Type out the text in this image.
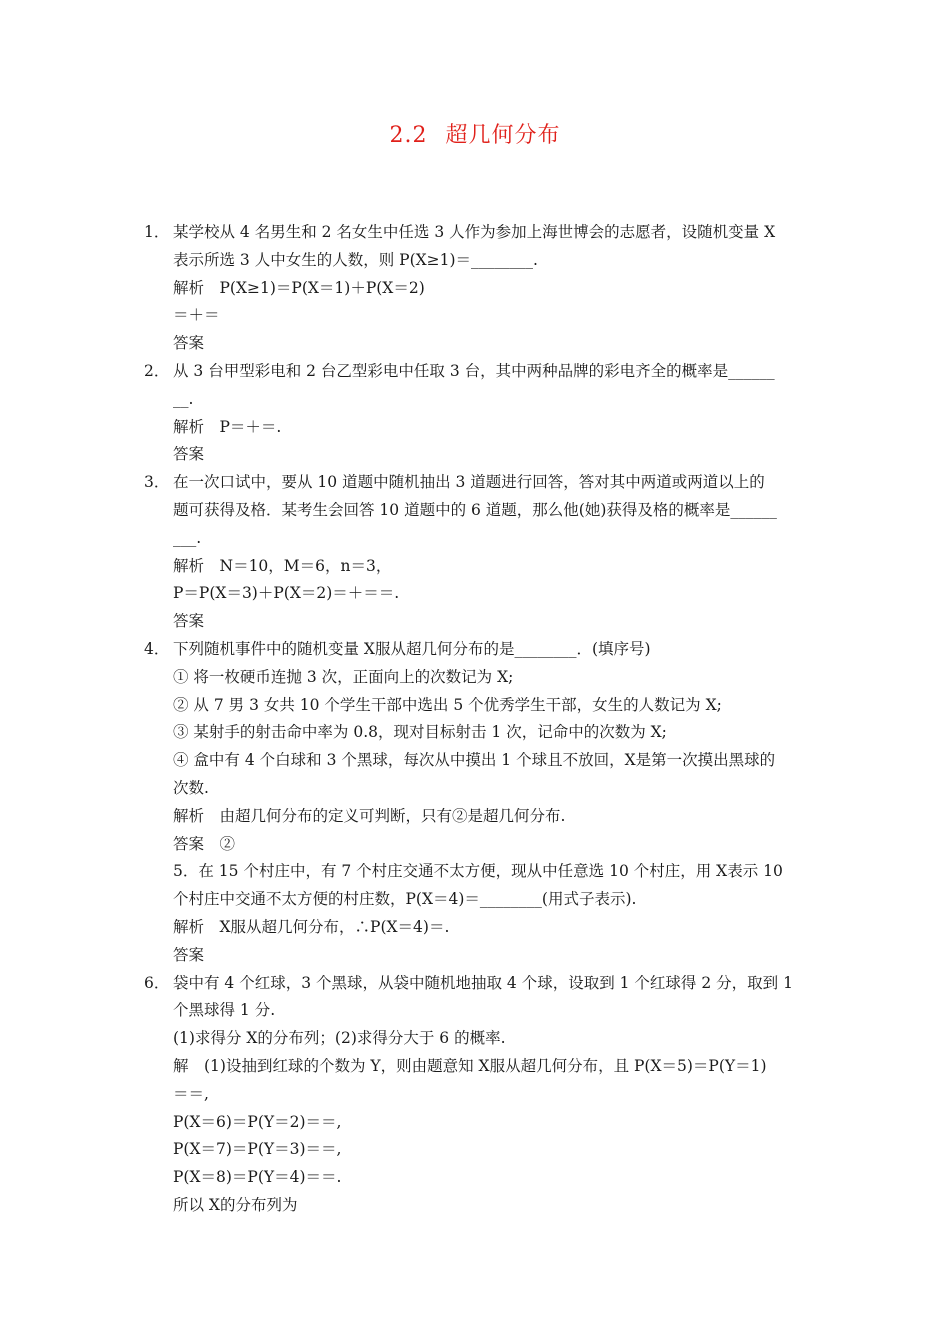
2.2 超几何分布
1． 某学校从 4 名男生和 2 名女生中任选 3 人作为参加上海世博会的志愿者，设随机变量 X
表示所选 3 人中女生的人数，则 P(X≥1)＝________.
解析　P(X≥1)＝P(X＝1)＋P(X＝2)
＝＋＝
答案
2． 从 3 台甲型彩电和 2 台乙型彩电中任取 3 台，其中两种品牌的彩电齐全的概率是______
__.
解析　P＝＋＝.
答案
3． 在一次口试中，要从 10 道题中随机抽出 3 道题进行回答，答对其中两道或两道以上的
题可获得及格．某考生会回答 10 道题中的 6 道题，那么他(她)获得及格的概率是______
___.
解析　N＝10，M＝6，n＝3，
P＝P(X＝3)＋P(X＝2)＝＋＝＝.
答案
4． 下列随机事件中的随机变量 X服从超几何分布的是________．(填序号)
① 将一枚硬币连抛 3 次，正面向上的次数记为 X;
② 从 7 男 3 女共 10 个学生干部中选出 5 个优秀学生干部，女生的人数记为 X;
③ 某射手的射击命中率为 0.8，现对目标射击 1 次，记命中的次数为 X;
④ 盒中有 4 个白球和 3 个黑球，每次从中摸出 1 个球且不放回，X是第一次摸出黑球的
次数.
解析　由超几何分布的定义可判断，只有②是超几何分布.
答案　②
5．在 15 个村庄中，有 7 个村庄交通不太方便，现从中任意选 10 个村庄，用 X表示 10
个村庄中交通不太方便的村庄数，P(X＝4)＝________(用式子表示).
解析　X服从超几何分布，∴P(X＝4)＝.
答案
6． 袋中有 4 个红球，3 个黑球，从袋中随机地抽取 4 个球，设取到 1 个红球得 2 分，取到 1
个黑球得 1 分.
(1)求得分 X的分布列；(2)求得分大于 6 的概率.
解　(1)设抽到红球的个数为 Y，则由题意知 X服从超几何分布，且 P(X＝5)＝P(Y＝1)
＝＝,
P(X＝6)＝P(Y＝2)＝＝,
P(X＝7)＝P(Y＝3)＝＝,
P(X＝8)＝P(Y＝4)＝＝.
所以 X的分布列为
